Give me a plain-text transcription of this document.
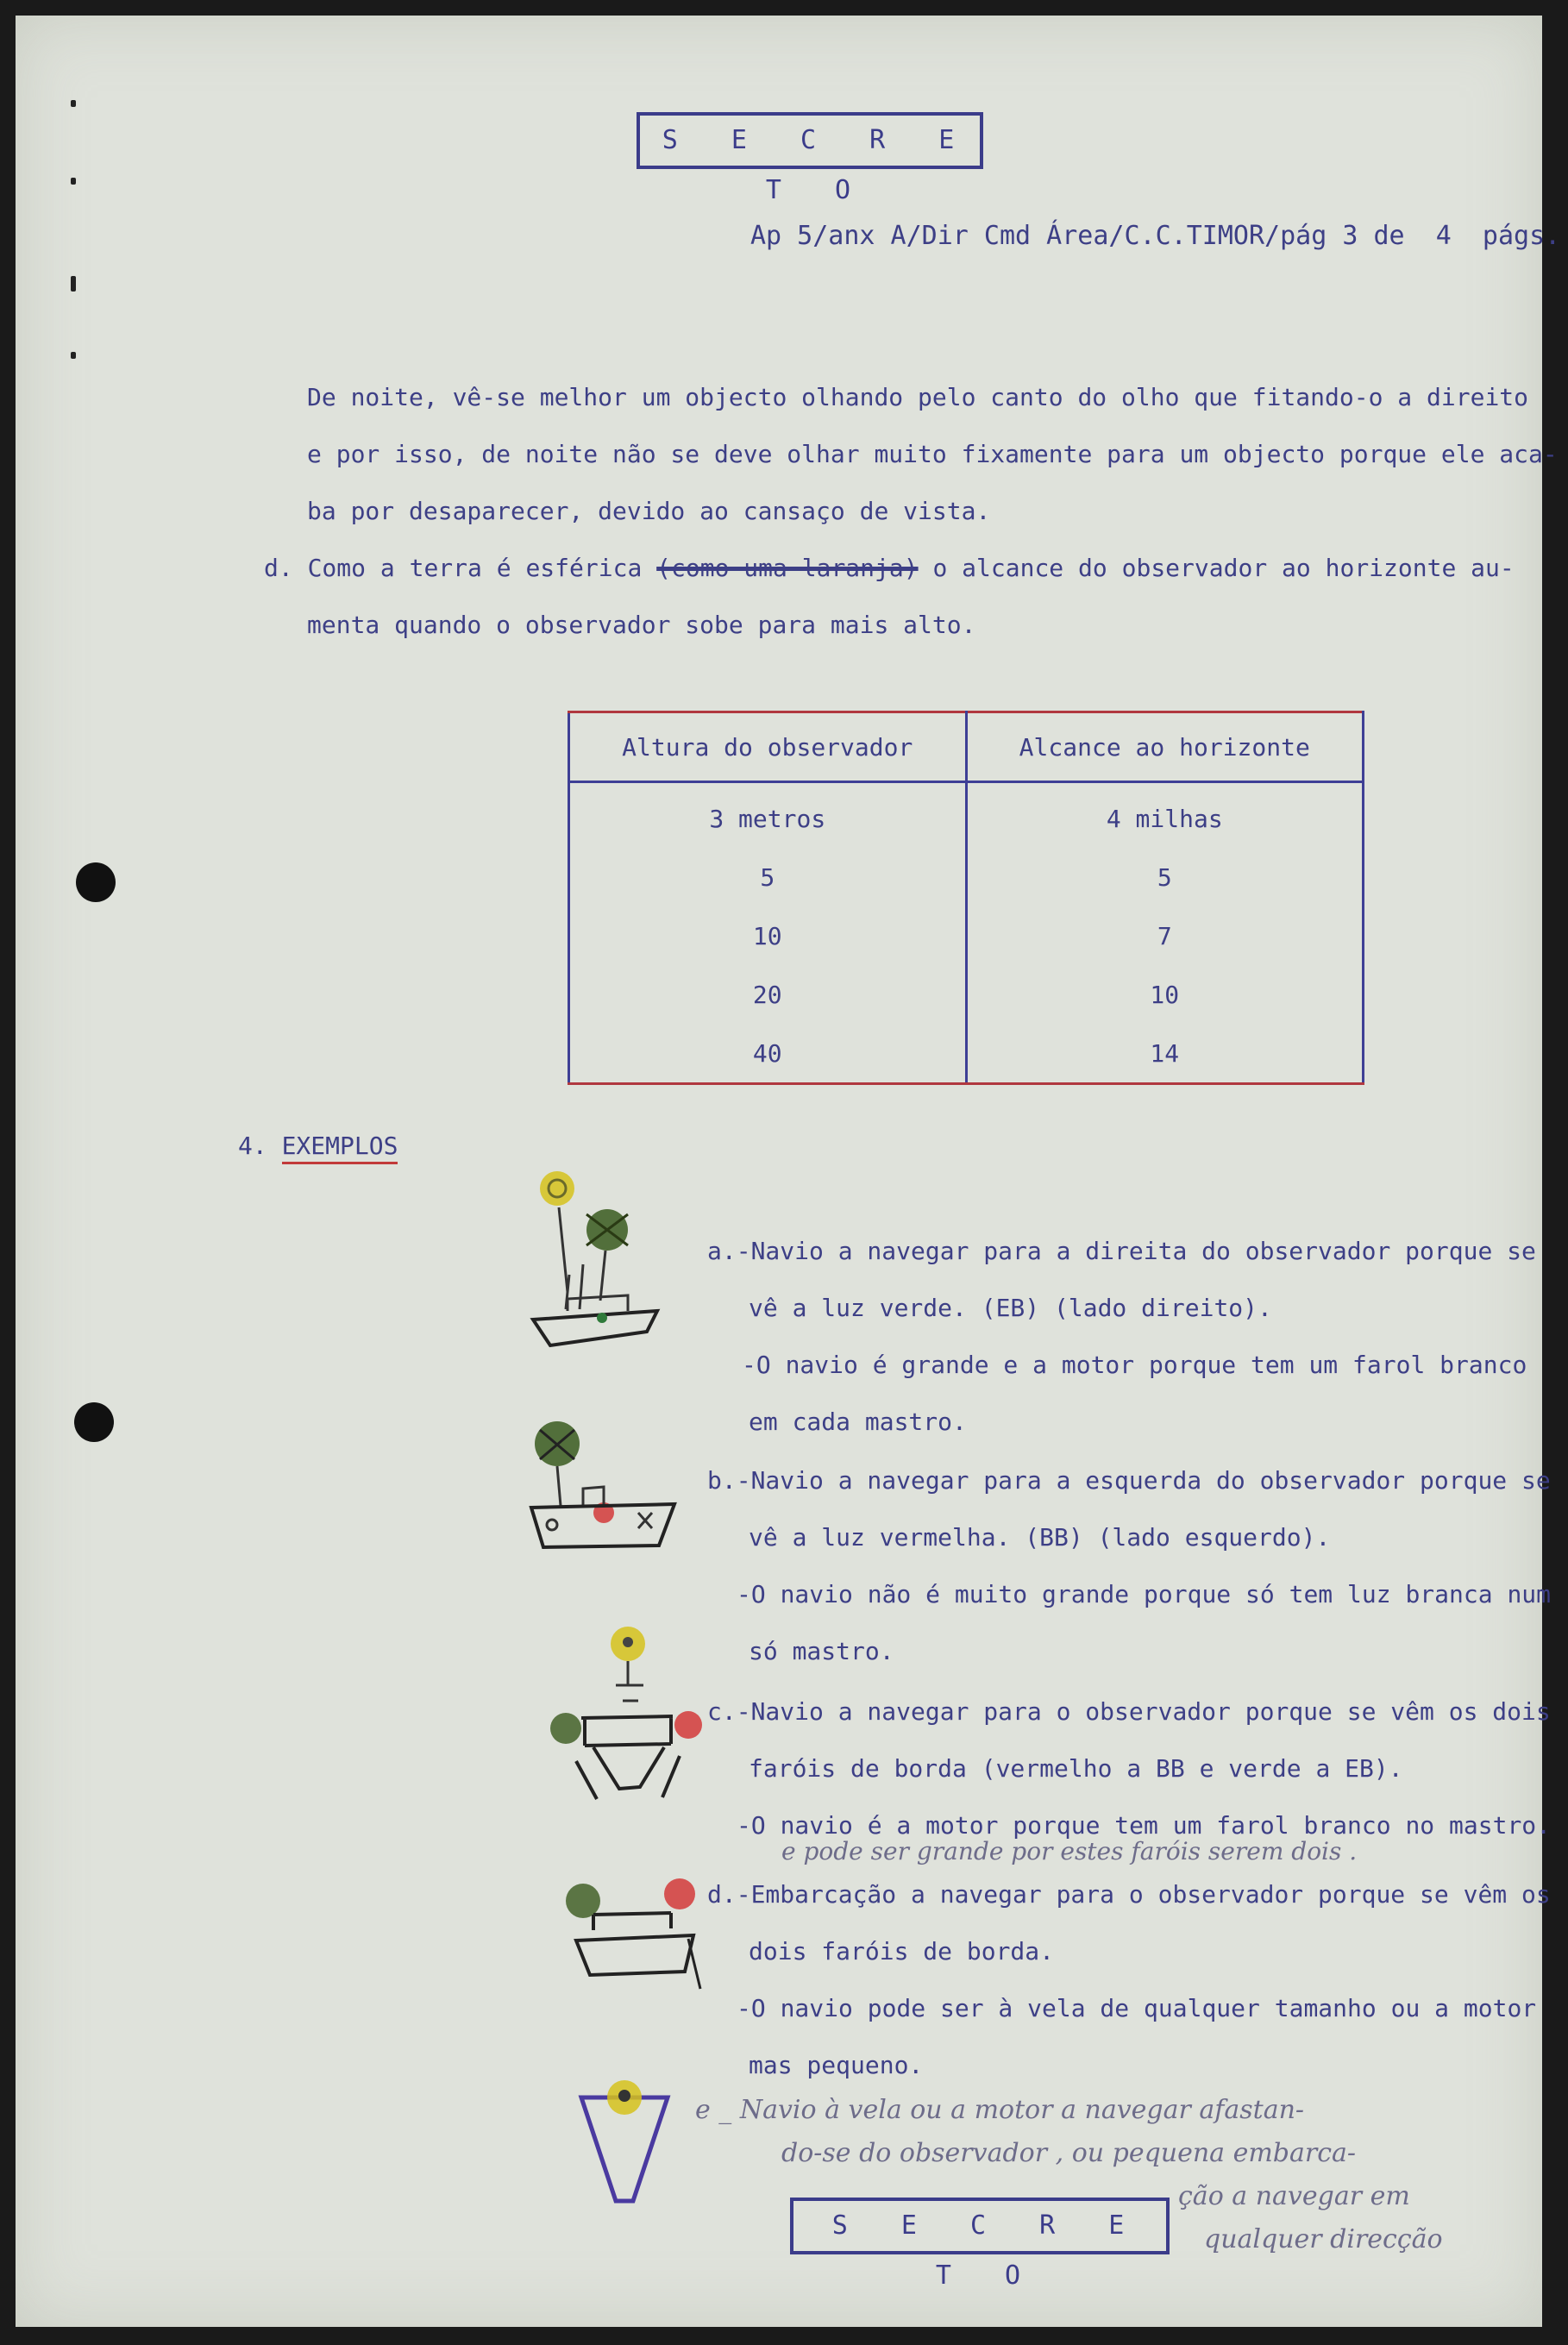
S E C R E T O
Ap 5/anx A/Dir Cmd Área/C.C.TIMOR/pág 3 de  4  págs.
De noite, vê-se melhor um objecto olhando pelo canto do olho que fitando-o a direito
e por isso, de noite não se deve olhar muito fixamente para um objecto porque ele aca-
ba por desaparecer, devido ao cansaço de vista.
d. Como a terra é esférica (como uma laranja) o alcance do observador ao horizonte au-
menta quando o observador sobe para mais alto.
Altura do observador	Alcance ao horizonte
3 metros	4 milhas
5	5
10	7
20	10
40	14
4. EXEMPLOS
a.-Navio a navegar para a direita do observador porque se
vê a luz verde. (EB) (lado direito).
-O navio é grande e a motor porque tem um farol branco
em cada mastro.
b.-Navio a navegar para a esquerda do observador porque se
vê a luz vermelha. (BB) (lado esquerdo).
-O navio não é muito grande porque só tem luz branca num
só mastro.
c.-Navio a navegar para o observador porque se vêm os dois
faróis de borda (vermelho a BB e verde a EB).
-O navio é a motor porque tem um farol branco no mastro.
e pode ser grande por estes faróis serem dois .
d.-Embarcação a navegar para o observador porque se vêm os
dois faróis de borda.
-O navio pode ser à vela de qualquer tamanho ou a motor
mas pequeno.
e _ Navio à vela ou a motor a navegar afastan-
do-se do observador , ou pequena embarca-
ção a navegar em
qualquer direcção
S E C R E T O
